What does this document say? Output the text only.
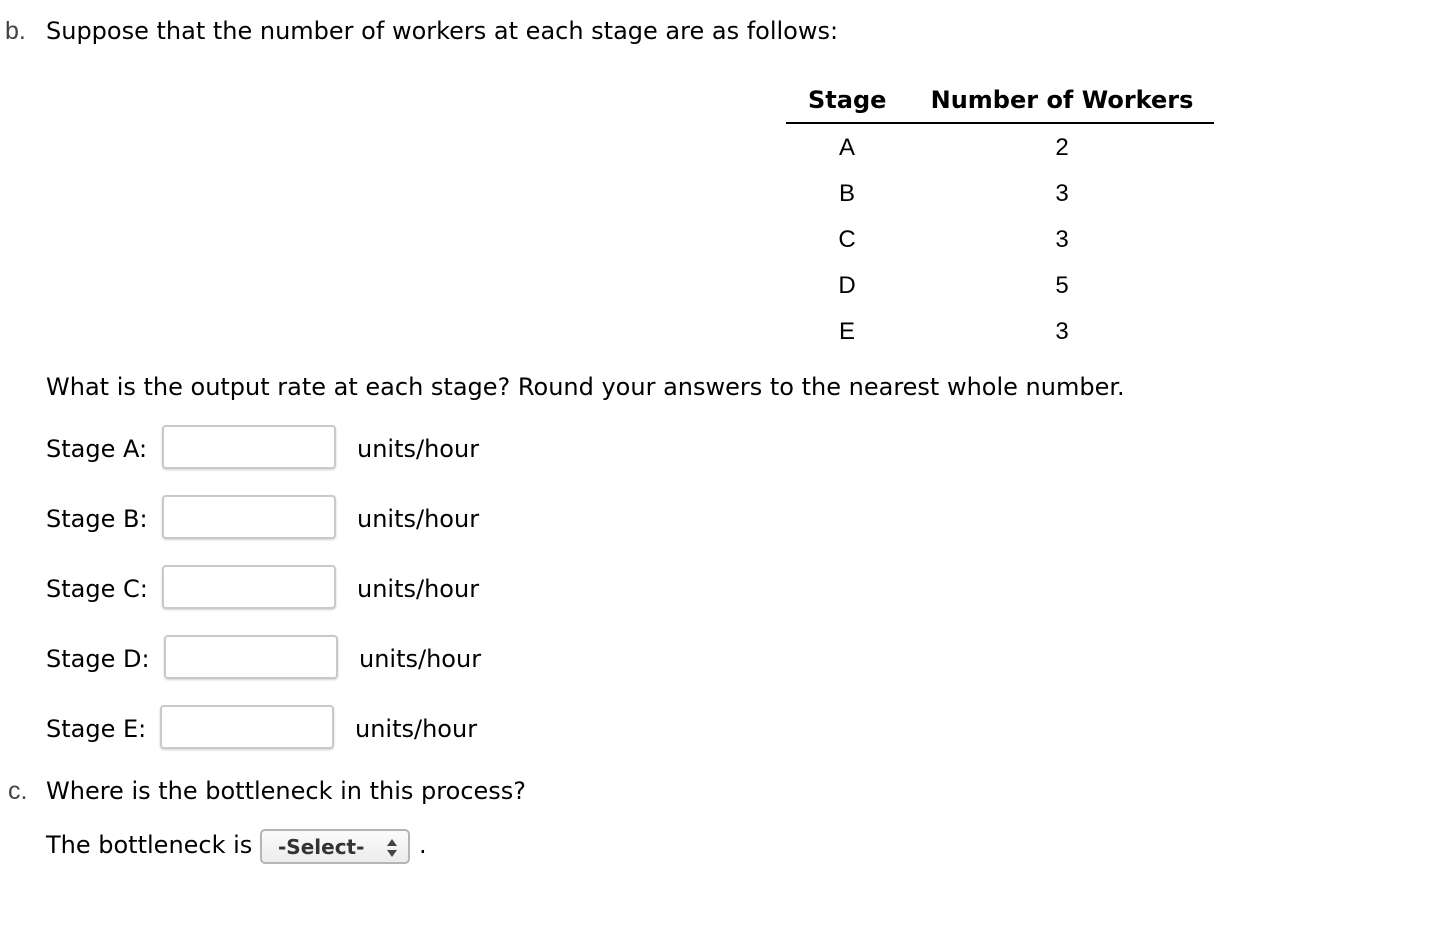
b. Suppose that the number of workers at each stage are as follows:
Stage Number of Workers
A	2
B	3
C	3
D	5
E	3
What is the output rate at each stage? Round your answers to the nearest whole number.
Stage A:	units/hour
Stage B:	units/hour
Stage C:	units/hour
Stage D:	units/hour
Stage E:	units/hour
c. Where is the bottleneck in this process?
The bottleneck is -Select- .
